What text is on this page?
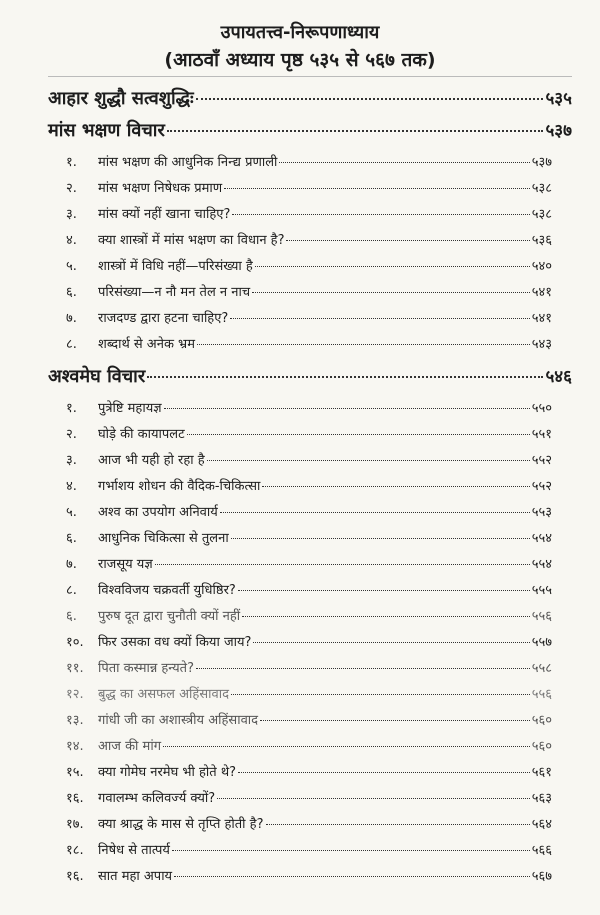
उपायतत्त्व-निरूपणाध्याय
(आठवाँ अध्याय पृष्ठ ५३५ से ५६७ तक)
आहार शुद्धौ सत्वशुद्धिः	५३५
मांस भक्षण विचार	५३७
१.	मांस भक्षण की आधुनिक निन्द्य प्रणाली	५३७
२.	मांस भक्षण निषेधक प्रमाण	५३८
३.	मांस क्यों नहीं खाना चाहिए?	५३८
४.	क्या शास्त्रों में मांस भक्षण का विधान है?	५३६
५.	शास्त्रों में विधि नहीं—परिसंख्या है	५४०
६.	परिसंख्या—न नौ मन तेल न नाच	५४१
७.	राजदण्ड द्वारा हटना चाहिए?	५४१
८.	शब्दार्थ से अनेक भ्रम	५४३
अश्वमेघ विचार	५४६
१.	पुत्रेष्टि महायज्ञ	५५०
२.	घोड़े की कायापलट	५५१
३.	आज भी यही हो रहा है	५५२
४.	गर्भाशय शोधन की वैदिक-चिकित्सा	५५२
५.	अश्व का उपयोग अनिवार्य	५५३
६.	आधुनिक चिकित्सा से तुलना	५५४
७.	राजसूय यज्ञ	५५४
८.	विश्वविजय चक्रवर्ती युधिष्ठिर?	५५५
६.	पुरुष दूत द्वारा चुनौती क्यों नहीं	५५६
१०.	फिर उसका वध क्यों किया जाय?	५५७
११.	पिता कस्मान्न हन्यते?	५५८
१२.	बुद्ध का असफल अहिंसावाद	५५६
१३.	गांधी जी का अशास्त्रीय अहिंसावाद	५६०
१४.	आज की मांग	५६०
१५.	क्या गोमेघ नरमेघ भी होते थे?	५६१
१६.	गवालम्भ कलिवर्ज्य क्यों?	५६३
१७.	क्या श्राद्ध के मास से तृप्ति होती है?	५६४
१८.	निषेध से तात्पर्य	५६६
१६.	सात महा अपाय	५६७
